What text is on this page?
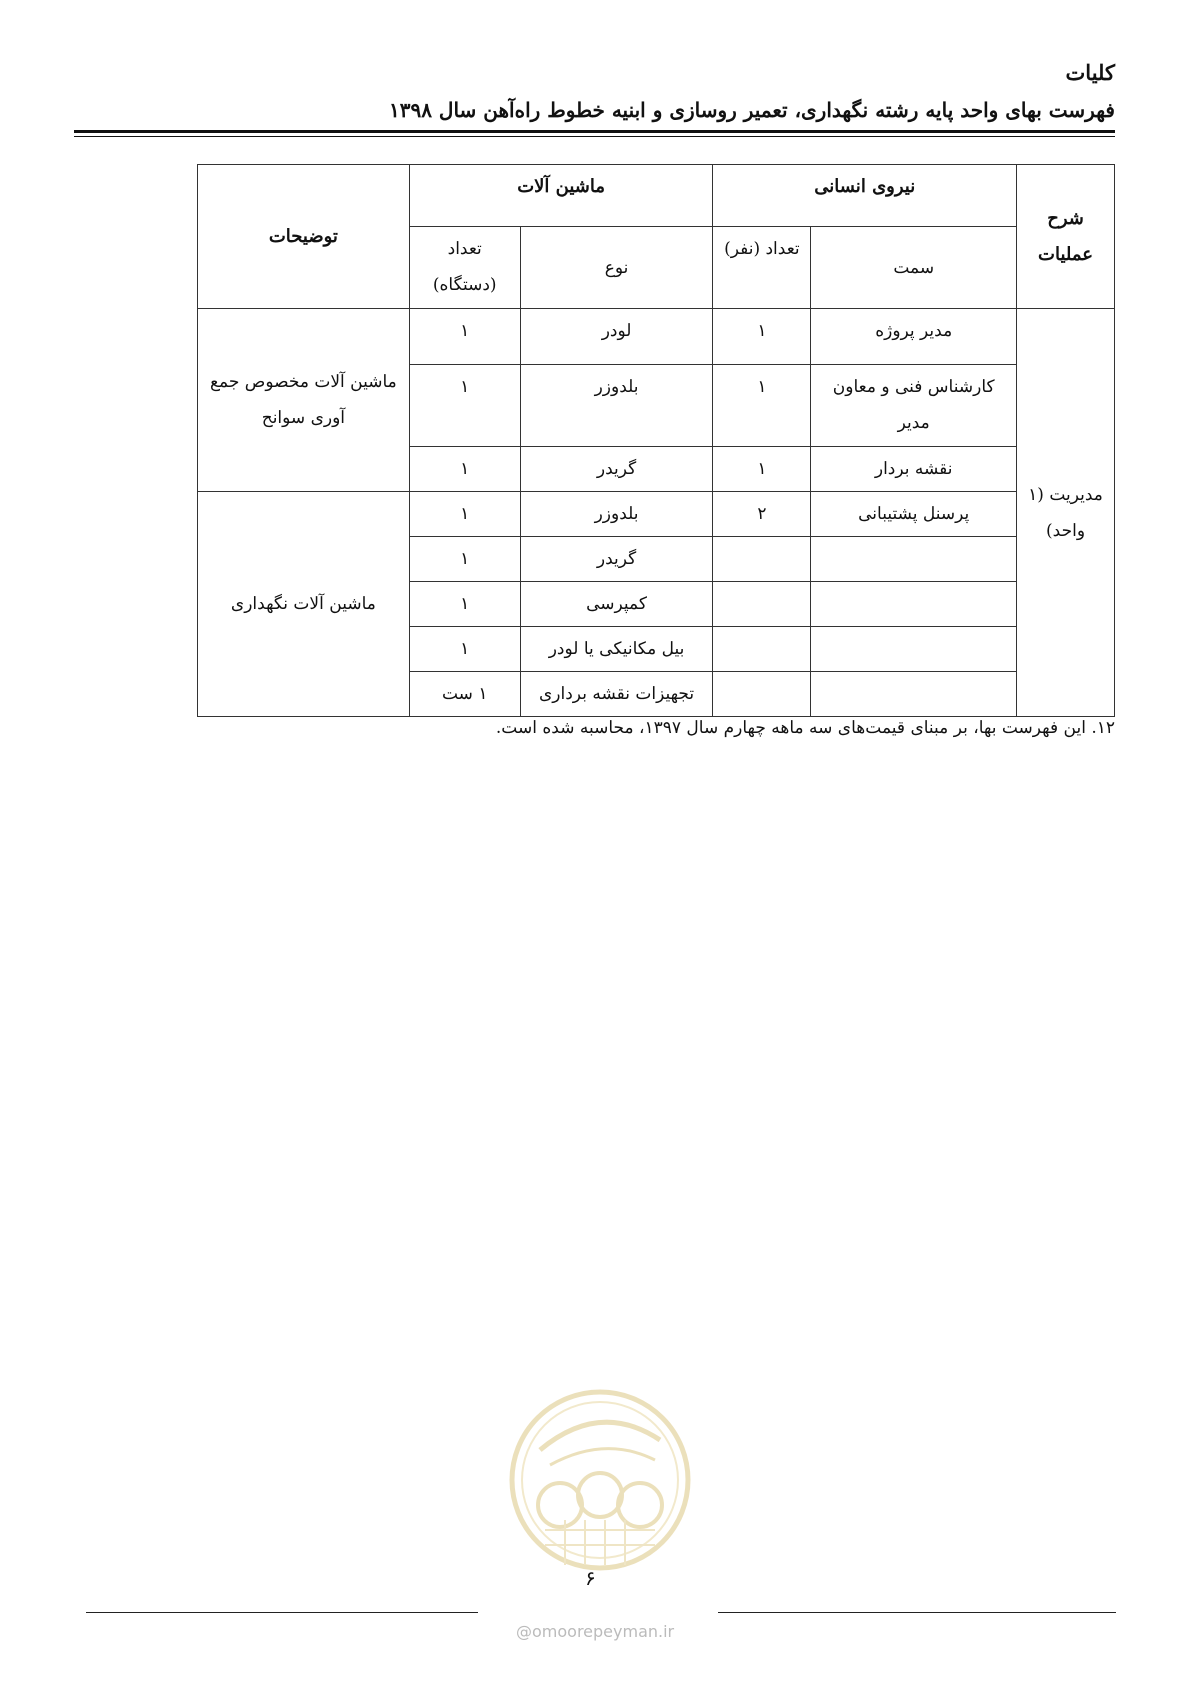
کلیات
فهرست بهای واحد پایه رشته نگهداری، تعمیر روسازی و ابنیه خطوط راه‌آهن سال ۱۳۹۸
شرح عملیات	نیروی انسانی		ماشین آلات		توضیحات
	سمت	تعداد (نفر)	نوع	تعداد (دستگاه)	
مدیریت (۱ واحد)	مدیر پروژه	۱	لودر	۱	ماشین آلات مخصوص جمع آوری سوانح
	کارشناس فنی و معاون مدیر	۱	بلدوزر	۱	
	نقشه بردار	۱	گریدر	۱	
	پرسنل پشتیبانی	۲	بلدوزر	۱	ماشین آلات نگهداری
			گریدر	۱	
			کمپرسی	۱	
			بیل مکانیکی یا لودر	۱	
			تجهیزات نقشه برداری	۱ ست	
۱۲. این فهرست بها، بر مبنای قیمت‌های سه ماهه چهارم سال ۱۳۹۷، محاسبه شده است.
۶
@omoorepeyman.ir
